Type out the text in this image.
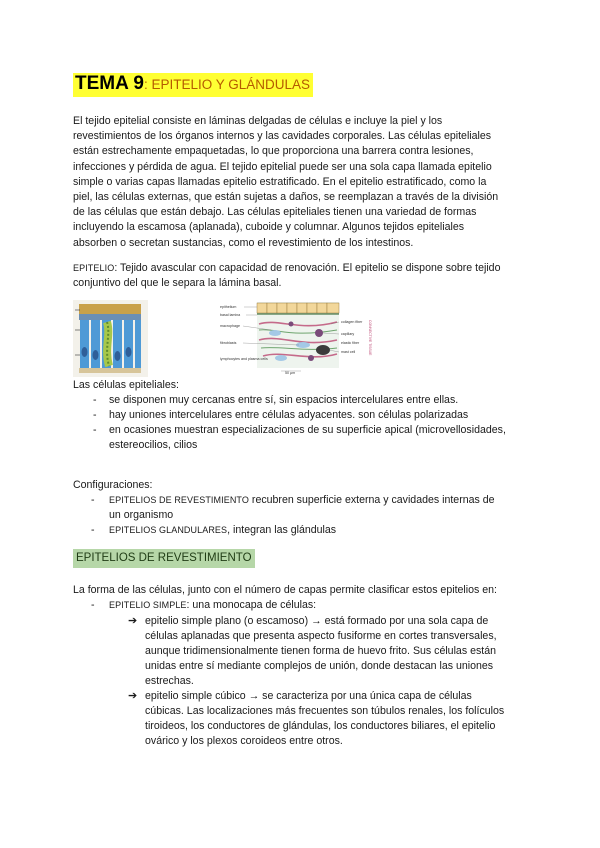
TEMA 9: EPITELIO Y GLÁNDULAS
El tejido epitelial consiste en láminas delgadas de células e incluye la piel y los
revestimientos de los órganos internos y las cavidades corporales. Las células epiteliales
están estrechamente empaquetadas, lo que proporciona una barrera contra lesiones,
infecciones y pérdida de agua. El tejido epitelial puede ser una sola capa llamada epitelio
simple o varias capas llamadas epitelio estratificado. En el epitelio estratificado, como la
piel, las células externas, que están sujetas a daños, se reemplazan a través de la división
de las células que están debajo. Las células epiteliales tienen una variedad de formas
incluyendo la escamosa (aplanada), cuboide y columnar. Algunos tejidos epiteliales
absorben o secretan sustancias, como el revestimiento de los intestinos.
EPITELIO: Tejido avascular con capacidad de renovación. El epitelio se dispone sobre tejido
conjuntivo del que le separa la lámina basal.
epithelium
basal lamina
macrophage
fibroblasts
lymphocytes and plasma cells
collagen fiber
capillary
elastic fiber
mast cell
50 µm
CONNECTIVE TISSUE
Las células epiteliales:
-	se disponen muy cercanas entre sí, sin espacios intercelulares entre ellas.
-	hay uniones intercelulares entre células adyacentes. son células polarizadas
-	en ocasiones muestran especializaciones de su superficie apical (microvellosidades,
estereocilios, cilios
Configuraciones:
-	EPITELIOS DE REVESTIMIENTO recubren superficie externa y cavidades internas de
un organismo
-	EPITELIOS GLANDULARES, integran las glándulas
EPITELIOS DE REVESTIMIENTO
La forma de las células, junto con el número de capas permite clasificar estos epitelios en:
-	EPITELIO SIMPLE: una monocapa de células:
➔ epitelio simple plano (o escamoso) → está formado por una sola capa de
células aplanadas que presenta aspecto fusiforme en cortes transversales,
aunque tridimensionalmente tienen forma de huevo frito. Sus células están
unidas entre sí mediante complejos de unión, donde destacan las uniones
estrechas.
➔ epitelio simple cúbico → se caracteriza por una única capa de células
cúbicas. Las localizaciones más frecuentes son túbulos renales, los folículos
tiroideos, los conductores de glándulas, los conductores biliares, el epitelio
ovárico y los plexos coroideos entre otros.
